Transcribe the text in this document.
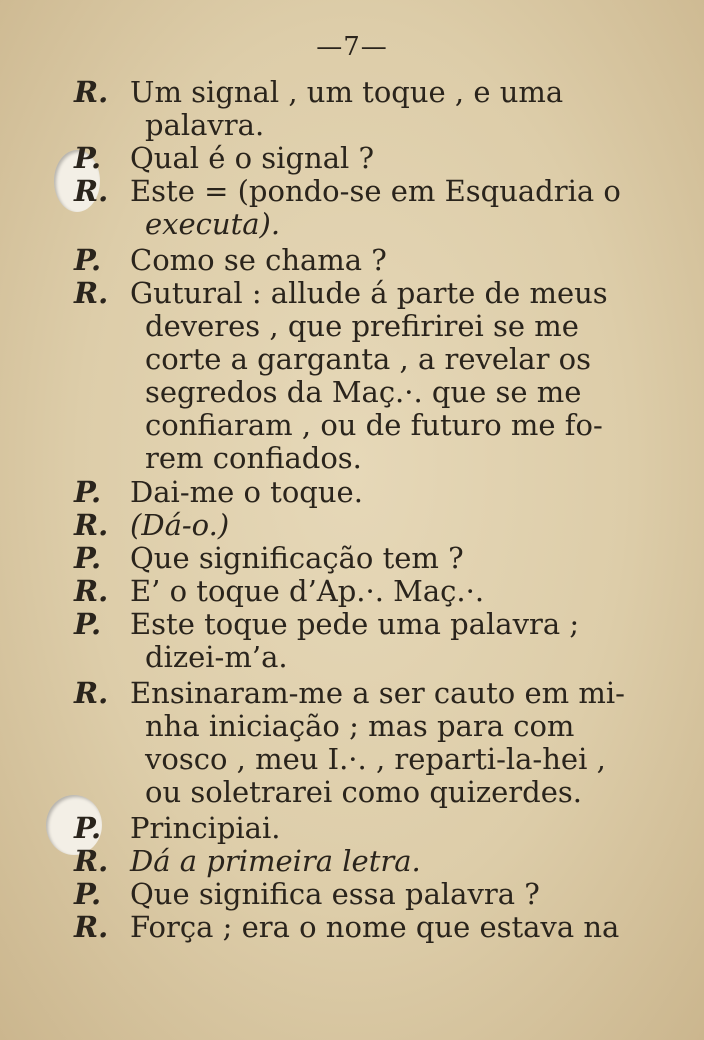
—7—
R. Um signal , um toque , e uma
palavra.
P. Qual é o signal ?
R. Este = (pondo-se em Esquadria o
executa).
P. Como se chama ?
R. Gutural : allude á parte de meus
deveres , que prefirirei se me
corte a garganta , a revelar os
segredos da Maç.·. que se me
confiaram , ou de futuro me fo-
rem confiados.
P. Dai-me o toque.
R. (Dá-o.)
P. Que significação tem ?
R. E’ o toque d’Ap.·. Maç.·.
P. Este toque pede uma palavra ;
dizei-m’a.
R. Ensinaram-me a ser cauto em mi-
nha iniciação ; mas para com
vosco , meu I.·. , reparti-la-hei ,
ou soletrarei como quizerdes.
P. Principiai.
R. Dá a primeira letra.
P. Que significa essa palavra ?
R. Força ; era o nome que estava na
